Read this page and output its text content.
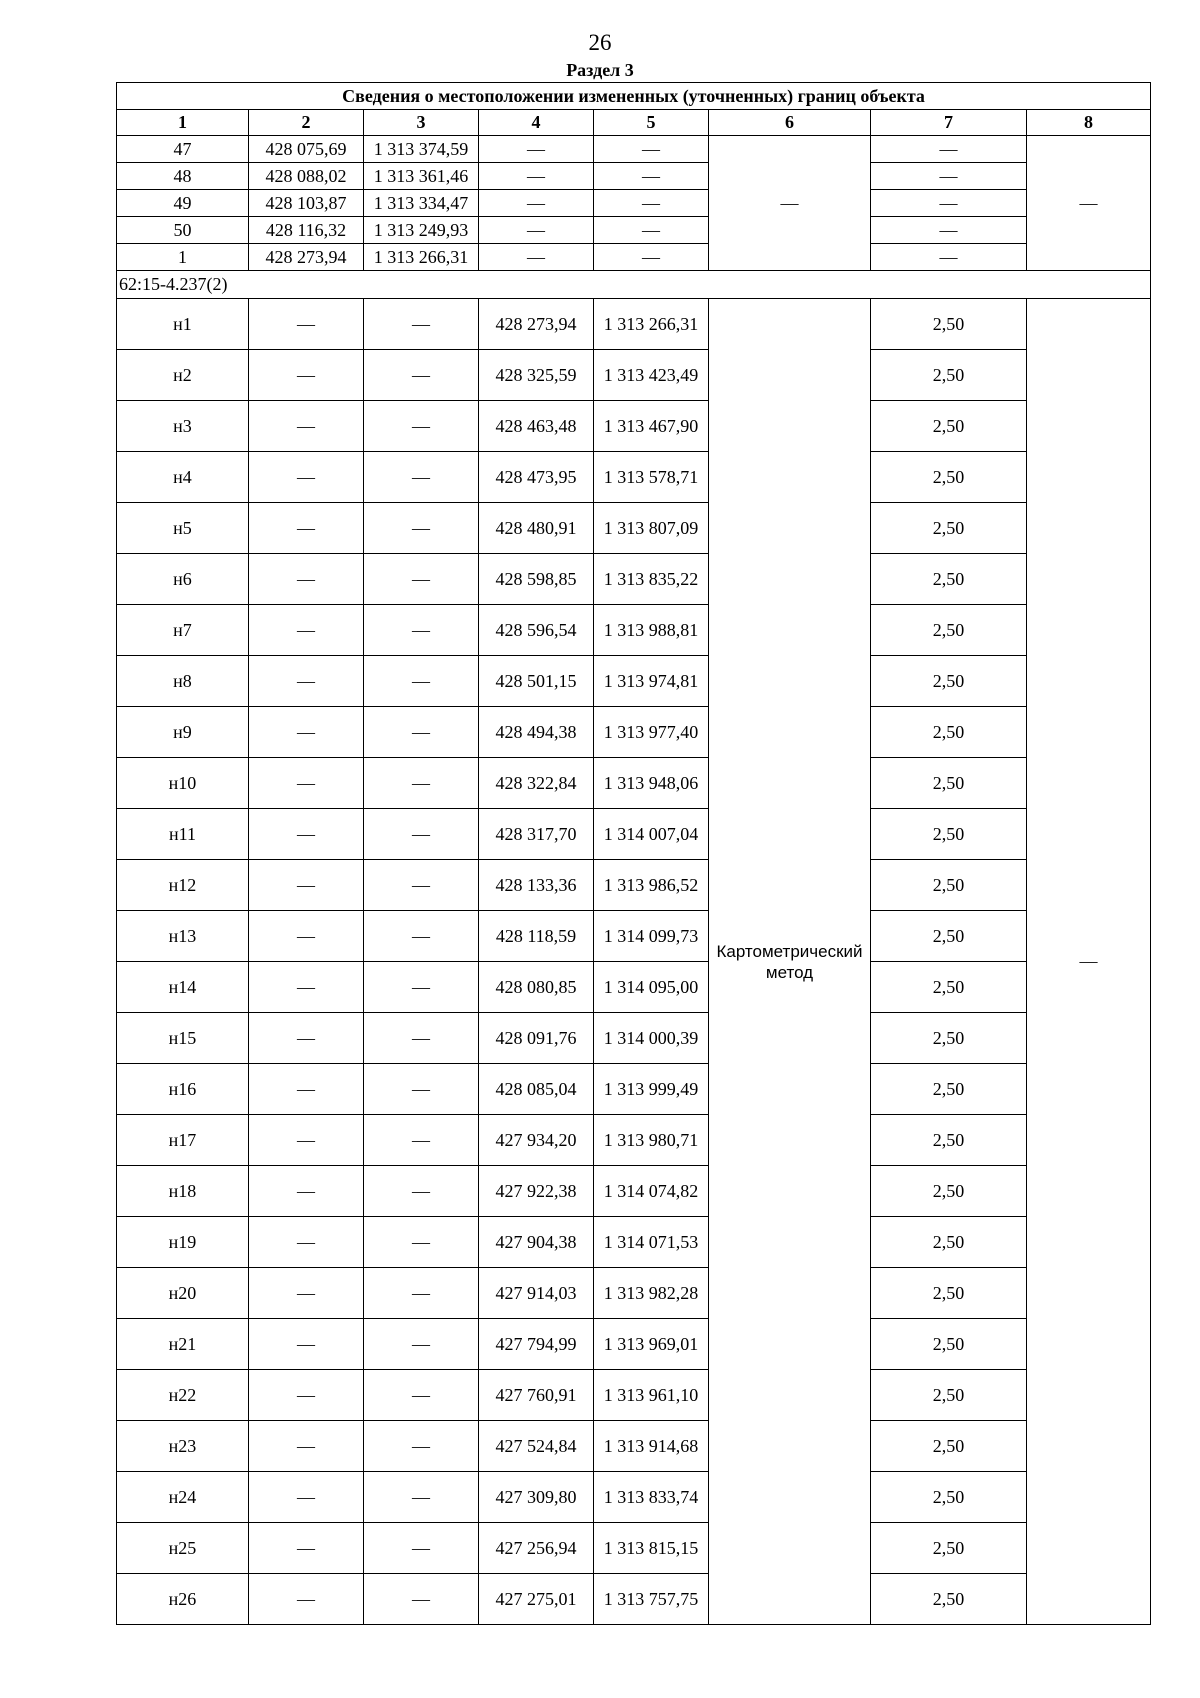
26
Раздел 3
Сведения о местоположении измененных (уточненных) границ объекта							
1	2	3	4	5	6	7	8
47	428 075,69	1 313 374,59	—	—	—	—	—
48	428 088,02	1 313 361,46	—	—		—	
49	428 103,87	1 313 334,47	—	—		—	
50	428 116,32	1 313 249,93	—	—		—	
1	428 273,94	1 313 266,31	—	—		—	
62:15-4.237(2)							
н1	—	—	428 273,94	1 313 266,31	Картометрический метод	2,50	—
н2	—	—	428 325,59	1 313 423,49		2,50	
н3	—	—	428 463,48	1 313 467,90		2,50	
н4	—	—	428 473,95	1 313 578,71		2,50	
н5	—	—	428 480,91	1 313 807,09		2,50	
н6	—	—	428 598,85	1 313 835,22		2,50	
н7	—	—	428 596,54	1 313 988,81		2,50	
н8	—	—	428 501,15	1 313 974,81		2,50	
н9	—	—	428 494,38	1 313 977,40		2,50	
н10	—	—	428 322,84	1 313 948,06		2,50	
н11	—	—	428 317,70	1 314 007,04		2,50	
н12	—	—	428 133,36	1 313 986,52		2,50	
н13	—	—	428 118,59	1 314 099,73		2,50	
н14	—	—	428 080,85	1 314 095,00		2,50	
н15	—	—	428 091,76	1 314 000,39		2,50	
н16	—	—	428 085,04	1 313 999,49		2,50	
н17	—	—	427 934,20	1 313 980,71		2,50	
н18	—	—	427 922,38	1 314 074,82		2,50	
н19	—	—	427 904,38	1 314 071,53		2,50	
н20	—	—	427 914,03	1 313 982,28		2,50	
н21	—	—	427 794,99	1 313 969,01		2,50	
н22	—	—	427 760,91	1 313 961,10		2,50	
н23	—	—	427 524,84	1 313 914,68		2,50	
н24	—	—	427 309,80	1 313 833,74		2,50	
н25	—	—	427 256,94	1 313 815,15		2,50	
н26	—	—	427 275,01	1 313 757,75		2,50	
